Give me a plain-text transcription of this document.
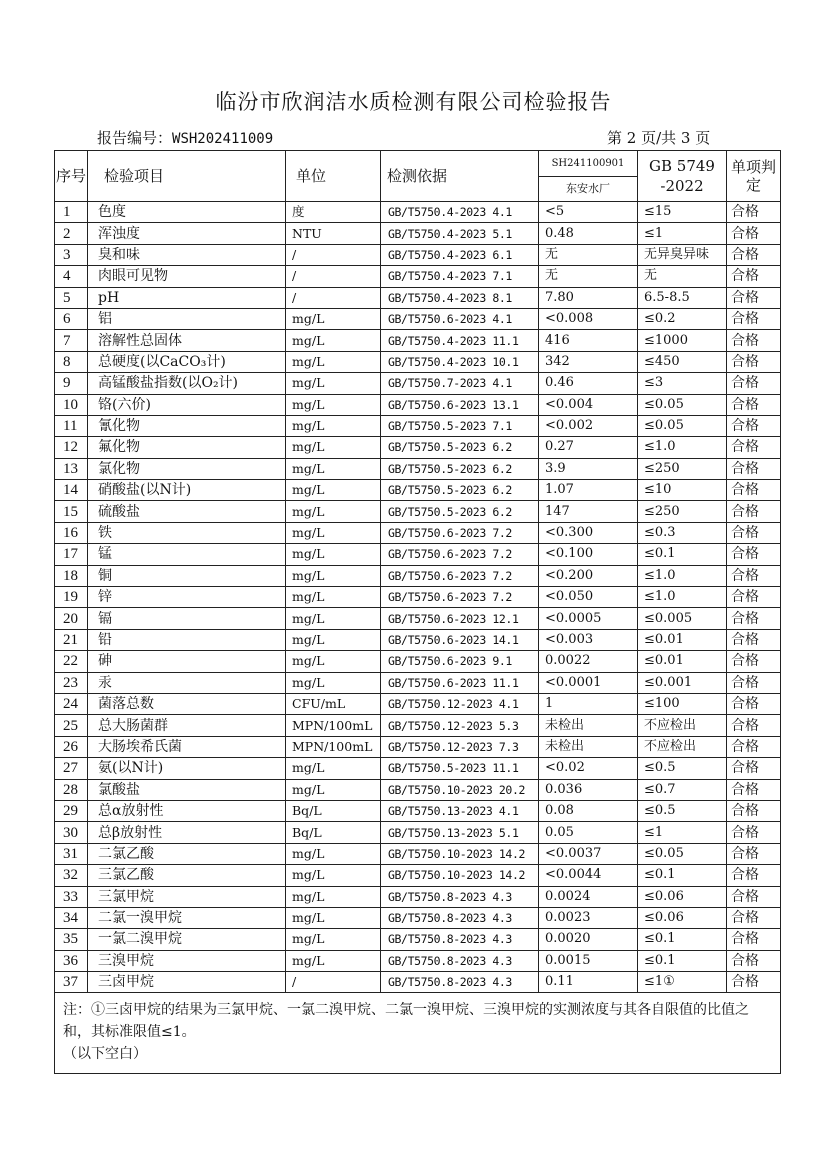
临汾市欣润洁水质检测有限公司检验报告
报告编号：WSH202411009	第 2 页/共 3 页
序号	检验项目	单位	检测依据	SH241100901
东安水厂	GB 5749 -2022	单项判定
1	色度	度	GB/T5750.4-2023 4.1	<5	≤15	合格
2	浑浊度	NTU	GB/T5750.4-2023 5.1	0.48	≤1	合格
3	臭和味	/	GB/T5750.4-2023 6.1	无	无异臭异味	合格
4	肉眼可见物	/	GB/T5750.4-2023 7.1	无	无	合格
5	pH	/	GB/T5750.4-2023 8.1	7.80	6.5-8.5	合格
6	铝	mg/L	GB/T5750.6-2023 4.1	<0.008	≤0.2	合格
7	溶解性总固体	mg/L	GB/T5750.4-2023 11.1	416	≤1000	合格
8	总硬度(以CaCO₃计)	mg/L	GB/T5750.4-2023 10.1	342	≤450	合格
9	高锰酸盐指数(以O₂计)	mg/L	GB/T5750.7-2023 4.1	0.46	≤3	合格
10	铬(六价)	mg/L	GB/T5750.6-2023 13.1	<0.004	≤0.05	合格
11	氰化物	mg/L	GB/T5750.5-2023 7.1	<0.002	≤0.05	合格
12	氟化物	mg/L	GB/T5750.5-2023 6.2	0.27	≤1.0	合格
13	氯化物	mg/L	GB/T5750.5-2023 6.2	3.9	≤250	合格
14	硝酸盐(以N计)	mg/L	GB/T5750.5-2023 6.2	1.07	≤10	合格
15	硫酸盐	mg/L	GB/T5750.5-2023 6.2	147	≤250	合格
16	铁	mg/L	GB/T5750.6-2023 7.2	<0.300	≤0.3	合格
17	锰	mg/L	GB/T5750.6-2023 7.2	<0.100	≤0.1	合格
18	铜	mg/L	GB/T5750.6-2023 7.2	<0.200	≤1.0	合格
19	锌	mg/L	GB/T5750.6-2023 7.2	<0.050	≤1.0	合格
20	镉	mg/L	GB/T5750.6-2023 12.1	<0.0005	≤0.005	合格
21	铅	mg/L	GB/T5750.6-2023 14.1	<0.003	≤0.01	合格
22	砷	mg/L	GB/T5750.6-2023 9.1	0.0022	≤0.01	合格
23	汞	mg/L	GB/T5750.6-2023 11.1	<0.0001	≤0.001	合格
24	菌落总数	CFU/mL	GB/T5750.12-2023 4.1	1	≤100	合格
25	总大肠菌群	MPN/100mL	GB/T5750.12-2023 5.3	未检出	不应检出	合格
26	大肠埃希氏菌	MPN/100mL	GB/T5750.12-2023 7.3	未检出	不应检出	合格
27	氨(以N计)	mg/L	GB/T5750.5-2023 11.1	<0.02	≤0.5	合格
28	氯酸盐	mg/L	GB/T5750.10-2023 20.2	0.036	≤0.7	合格
29	总α放射性	Bq/L	GB/T5750.13-2023 4.1	0.08	≤0.5	合格
30	总β放射性	Bq/L	GB/T5750.13-2023 5.1	0.05	≤1	合格
31	二氯乙酸	mg/L	GB/T5750.10-2023 14.2	<0.0037	≤0.05	合格
32	三氯乙酸	mg/L	GB/T5750.10-2023 14.2	<0.0044	≤0.1	合格
33	三氯甲烷	mg/L	GB/T5750.8-2023 4.3	0.0024	≤0.06	合格
34	二氯一溴甲烷	mg/L	GB/T5750.8-2023 4.3	0.0023	≤0.06	合格
35	一氯二溴甲烷	mg/L	GB/T5750.8-2023 4.3	0.0020	≤0.1	合格
36	三溴甲烷	mg/L	GB/T5750.8-2023 4.3	0.0015	≤0.1	合格
37	三卤甲烷	/	GB/T5750.8-2023 4.3	0.11	≤1①	合格

注：①三卤甲烷的结果为三氯甲烷、一氯二溴甲烷、二氯一溴甲烷、三溴甲烷的实测浓度与其各自限值的比值之和，其标准限值≤1。
（以下空白）						
